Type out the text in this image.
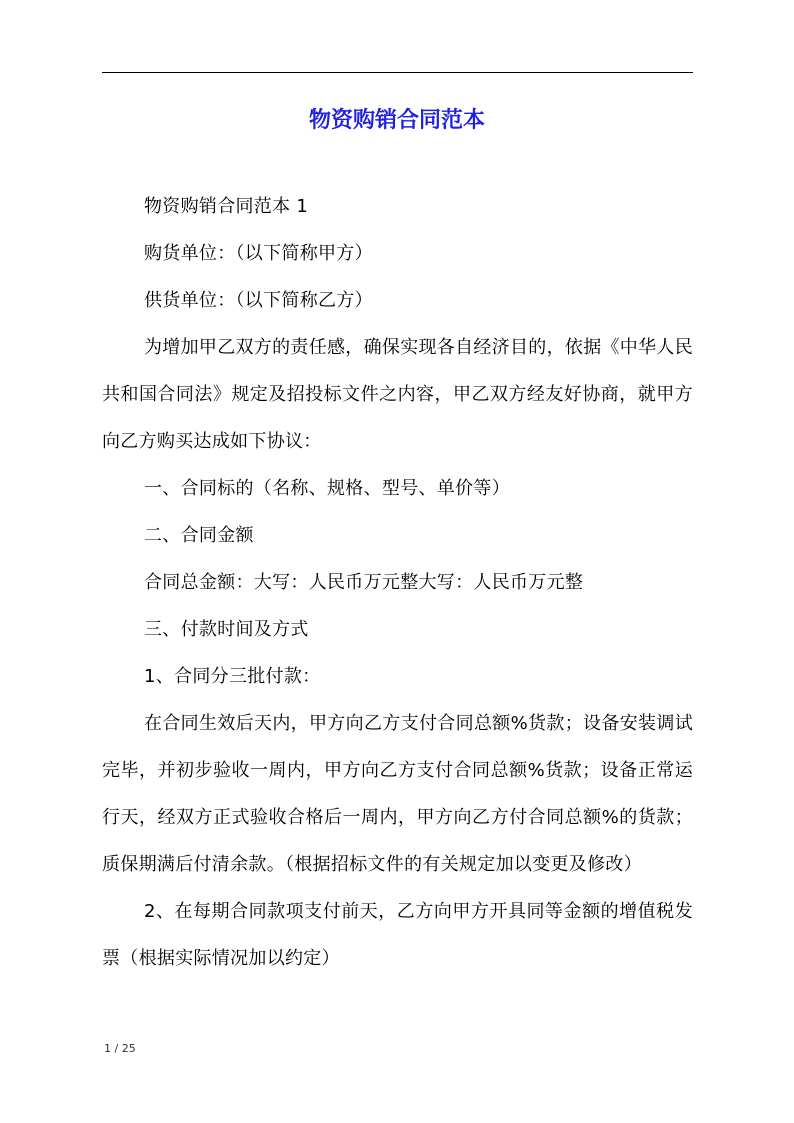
物资购销合同范本

物资购销合同范本 1

购货单位：（以下简称甲方）

供货单位：（以下简称乙方）

为增加甲乙双方的责任感，确保实现各自经济目的，依据《中华人民共和国合同法》规定及招投标文件之内容，甲乙双方经友好协商，就甲方向乙方购买达成如下协议：

一、合同标的（名称、规格、型号、单价等）

二、合同金额

合同总金额：大写：人民币万元整大写：人民币万元整

三、付款时间及方式

1、合同分三批付款：

在合同生效后天内，甲方向乙方支付合同总额%货款；设备安装调试完毕，并初步验收一周内，甲方向乙方支付合同总额%货款；设备正常运行天，经双方正式验收合格后一周内，甲方向乙方付合同总额%的货款；质保期满后付清余款。（根据招标文件的有关规定加以变更及修改）

2、在每期合同款项支付前天，乙方向甲方开具同等金额的增值税发票（根据实际情况加以约定）

1 / 25
